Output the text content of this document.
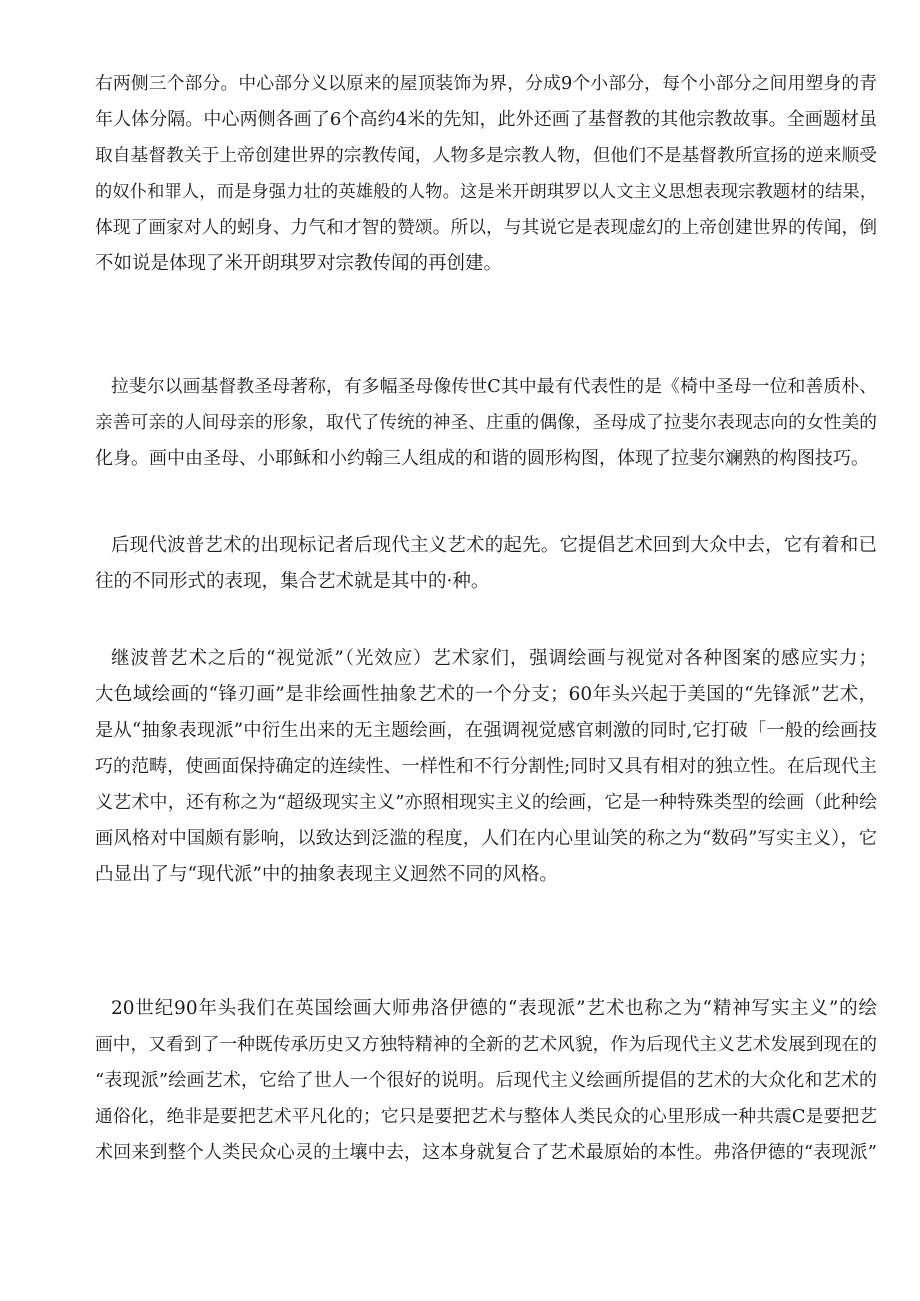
右两侧三个部分。中心部分义以原来的屋顶装饰为界，分成9个小部分，每个小部分之间用塑身的青
年人体分隔。中心两侧各画了6个高约4米的先知，此外还画了基督教的其他宗教故事。全画题材虽
取自基督教关于上帝创建世界的宗教传闻，人物多是宗教人物，但他们不是基督教所宣扬的逆来顺受
的奴仆和罪人，而是身强力壮的英雄般的人物。这是米开朗琪罗以人文主义思想表现宗教题材的结果，
体现了画家对人的蚓身、力气和才智的赞颂。所以，与其说它是表现虚幻的上帝创建世界的传闻，倒
不如说是体现了米开朗琪罗对宗教传闻的再创建。
拉斐尔以画基督教圣母著称，有多幅圣母像传世C其中最有代表性的是《椅中圣母一位和善质朴、
亲善可亲的人间母亲的形象，取代了传统的神圣、庄重的偶像，圣母成了拉斐尔表现志向的女性美的
化身。画中由圣母、小耶稣和小约翰三人组成的和谐的圆形构图，体现了拉斐尔斓熟的构图技巧。
后现代波普艺术的出现标记者后现代主义艺术的起先。它提倡艺术回到大众中去，它有着和已
往的不同形式的表现，集合艺术就是其中的·种。
继波普艺术之后的“视觉派”（光效应）艺术家们，强调绘画与视觉对各种图案的感应实力；
大色域绘画的“锋刃画”是非绘画性抽象艺术的一个分支；60年头兴起于美国的“先锋派”艺术，
是从“抽象表现派”中衍生出来的无主题绘画，在强调视觉感官刺激的同时,它打破「一般的绘画技
巧的范畴，使画面保持确定的连续性、一样性和不行分割性;同时又具有相对的独立性。在后现代主
义艺术中，还有称之为“超级现实主义”亦照相现实主义的绘画，它是一种特殊类型的绘画（此种绘
画风格对中国颇有影响，以致达到泛滥的程度，人们在内心里讪笑的称之为“数码”写实主义），它
凸显出了与“现代派”中的抽象表现主义迥然不同的风格。
20世纪90年头我们在英国绘画大师弗洛伊德的“表现派”艺术也称之为“精神写实主义”的绘
画中，又看到了一种既传承历史又方独特精神的全新的艺术风貌，作为后现代主义艺术发展到现在的
“表现派”绘画艺术，它给了世人一个很好的说明。后现代主义绘画所提倡的艺术的大众化和艺术的
通俗化，绝非是要把艺术平凡化的；它只是要把艺术与整体人类民众的心里形成一种共震C是要把艺
术回来到整个人类民众心灵的土壤中去，这本身就复合了艺术最原始的本性。弗洛伊德的“表现派”
